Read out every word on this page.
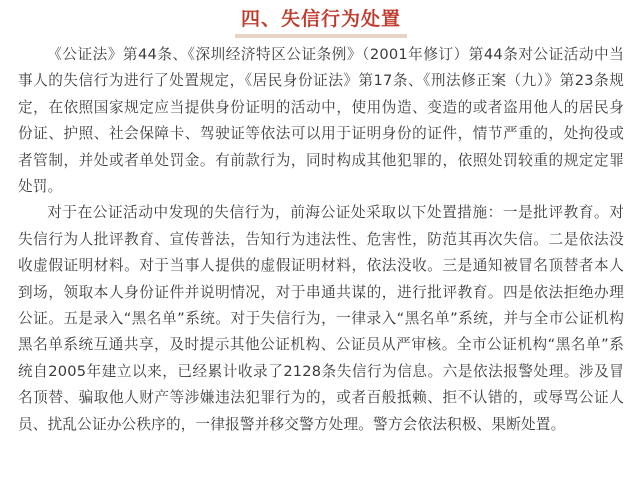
四、失信行为处置

《公证法》第44条、《深圳经济特区公证条例》（2001年修订）第44条对公证活动中当事人的失信行为进行了处置规定，《居民身份证法》第17条、《刑法修正案（九）》第23条规定，在依照国家规定应当提供身份证明的活动中，使用伪造、变造的或者盗用他人的居民身份证、护照、社会保障卡、驾驶证等依法可以用于证明身份的证件，情节严重的，处拘役或者管制，并处或者单处罚金。有前款行为，同时构成其他犯罪的，依照处罚较重的规定定罪处罚。

对于在公证活动中发现的失信行为，前海公证处采取以下处置措施：一是批评教育。对失信行为人批评教育、宣传普法，告知行为违法性、危害性，防范其再次失信。二是依法没收虚假证明材料。对于当事人提供的虚假证明材料，依法没收。三是通知被冒名顶替者本人到场，领取本人身份证件并说明情况，对于串通共谋的，进行批评教育。四是依法拒绝办理公证。五是录入“黑名单”系统。对于失信行为，一律录入“黑名单”系统，并与全市公证机构黑名单系统互通共享，及时提示其他公证机构、公证员从严审核。全市公证机构“黑名单”系统自2005年建立以来，已经累计收录了2128条失信行为信息。六是依法报警处理。涉及冒名顶替、骗取他人财产等涉嫌违法犯罪行为的，或者百般抵赖、拒不认错的，或辱骂公证人员、扰乱公证办公秩序的，一律报警并移交警方处理。警方会依法积极、果断处置。
